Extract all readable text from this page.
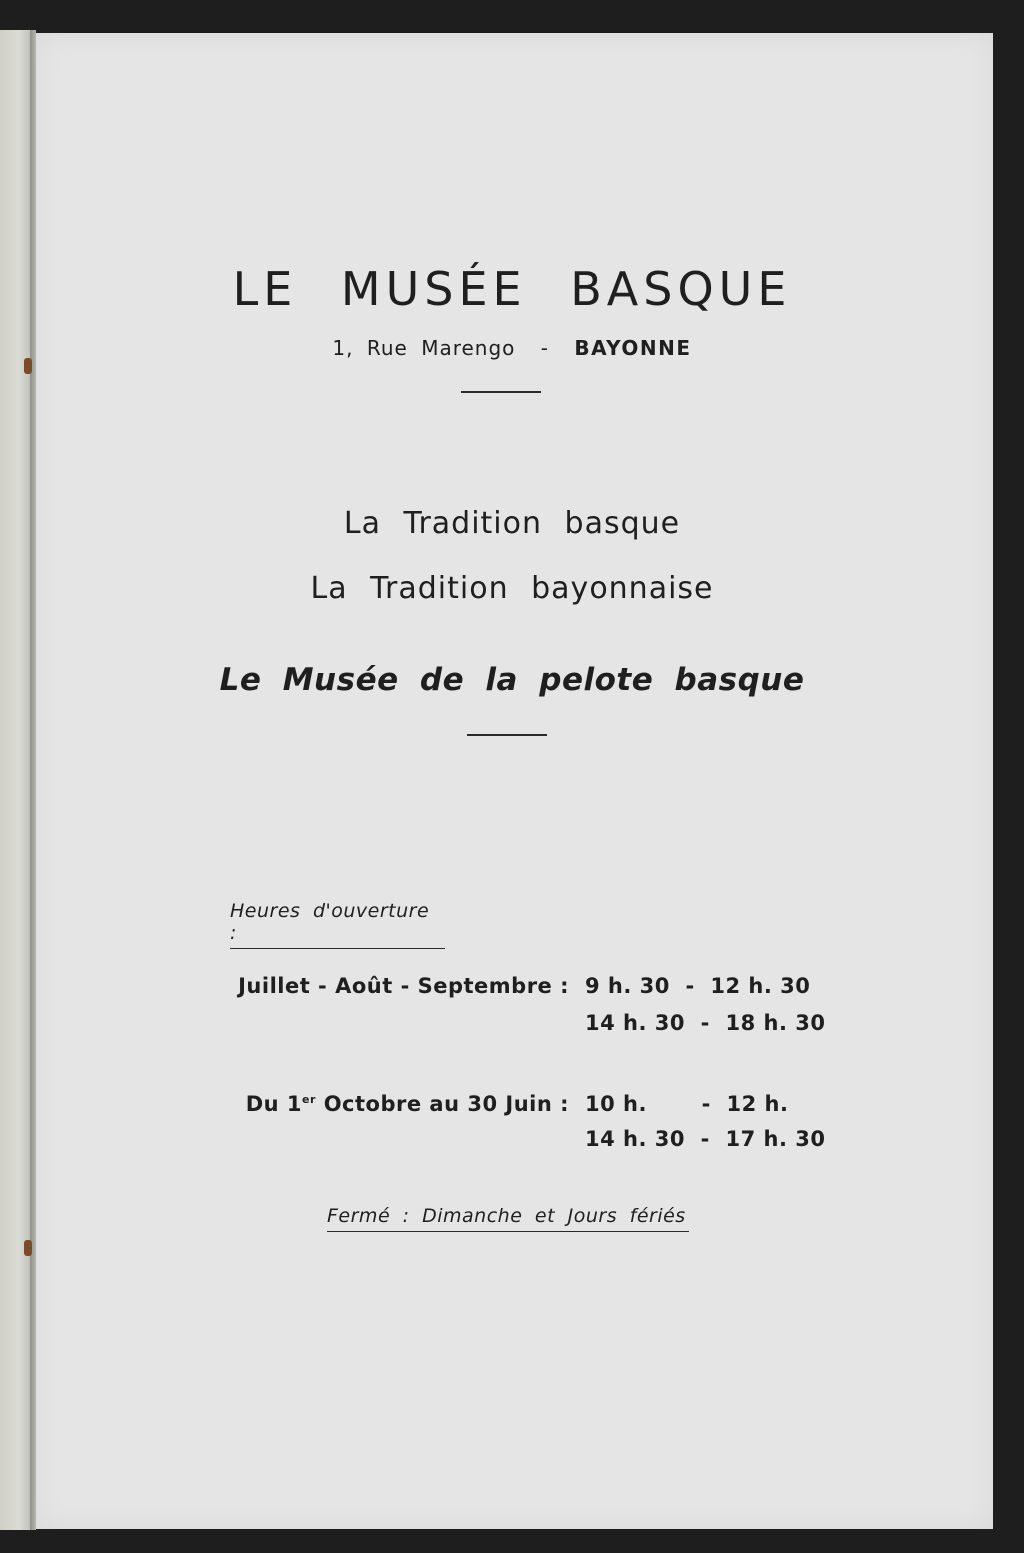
LE MUSÉE BASQUE
1, Rue Marengo - BAYONNE
La Tradition basque
La Tradition bayonnaise
Le Musée de la pelote basque
Heures d'ouverture :
Juillet - Août - Septembre : 9 h. 30  -  12 h. 30
14 h. 30  -  18 h. 30
Du 1er Octobre au 30 Juin : 10 h.       -  12 h.
14 h. 30  -  17 h. 30
Fermé : Dimanche et Jours fériés
